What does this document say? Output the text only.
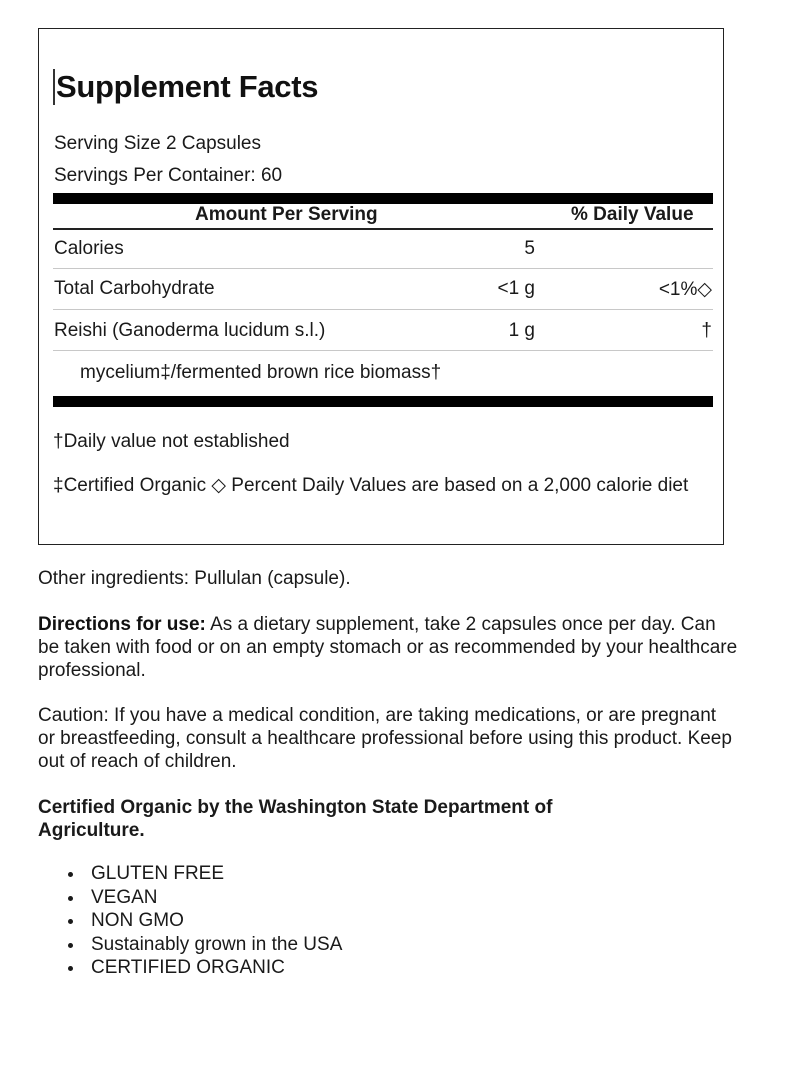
Supplement Facts
Serving Size 2 Capsules
Servings Per Container: 60
Amount Per Serving	% Daily Value
Calories	5
Total Carbohydrate	<1 g	<1%◇
Reishi (Ganoderma lucidum s.l.)	1 g	†
mycelium‡/fermented brown rice biomass†
†Daily value not established
‡Certified Organic ◇ Percent Daily Values are based on a 2,000 calorie diet

Other ingredients: Pullulan (capsule).

Directions for use: As a dietary supplement, take 2 capsules once per day. Can be taken with food or on an empty stomach or as recommended by your healthcare professional.

Caution: If you have a medical condition, are taking medications, or are pregnant or breastfeeding, consult a healthcare professional before using this product. Keep out of reach of children.

Certified Organic by the Washington State Department of Agriculture.

GLUTEN FREE
VEGAN
NON GMO
Sustainably grown in the USA
CERTIFIED ORGANIC
